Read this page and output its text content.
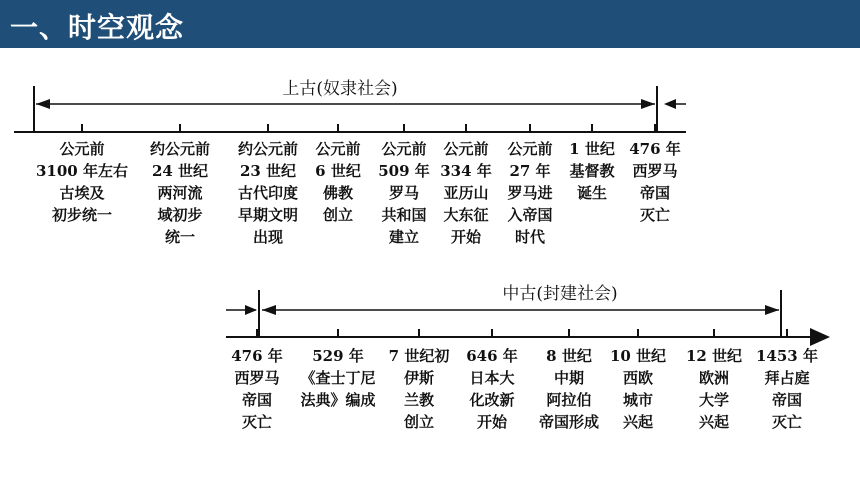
一、时空观念
上古(奴隶社会)
公元前 3100 年左右古埃及初步统一
约公元前 24 世纪两河流域初步统一
约公元前 23 世纪古代印度早期文明出现
公元前 6 世纪佛教创立
公元前 509 年罗马共和国建立
公元前 334 年亚历山大东征开始
公元前 27 年罗马进入帝国时代
1 世纪基督教诞生
476 年西罗马帝国灭亡
中古(封建社会)
476 年西罗马帝国灭亡
529 年《查士丁尼法典》编成
7 世纪初伊斯兰教创立
646 年日本大化改新开始
8 世纪中期阿拉伯帝国形成
10 世纪西欧城市兴起
12 世纪欧洲大学兴起
1453 年拜占庭帝国灭亡
